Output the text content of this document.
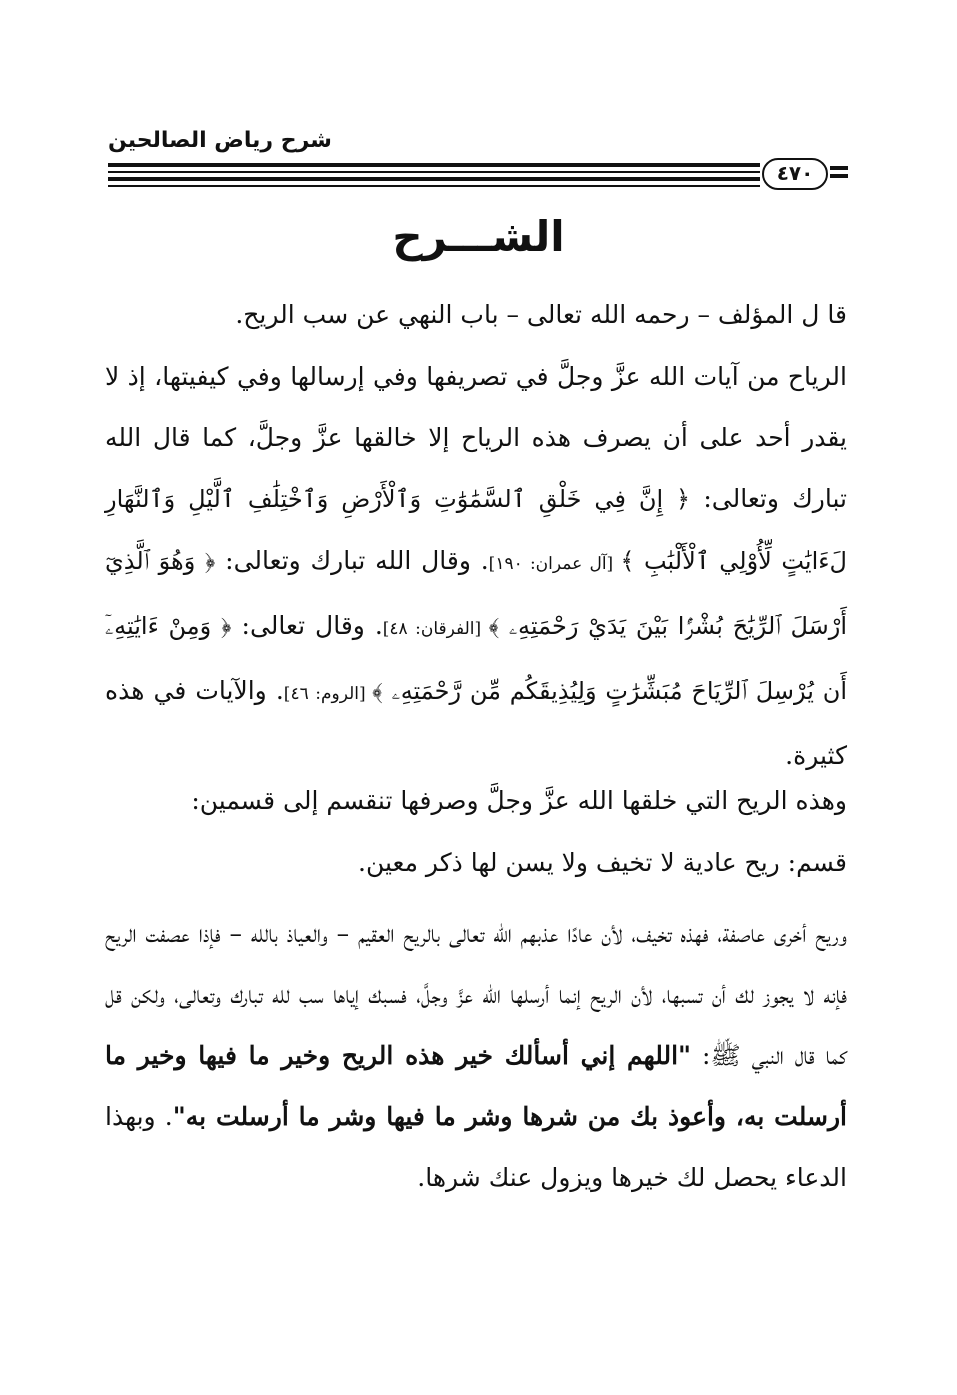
شرح رياض الصالحين
٤٧٠
الشـــرح

قا ل المؤلف – رحمه الله تعالى – باب النهي عن سب الريح.

الرياح من آيات الله عزَّ وجلَّ في تصريفها وفي إرسالها وفي كيفيتها، إذ لا يقدر أحد على أن يصرف هذه الرياح إلا خالقها عزَّ وجلَّ، كما قال الله تبارك وتعالى: ﴿ إِنَّ فِي خَلْقِ ٱلسَّمَٰوَٰتِ وَٱلْأَرْضِ وَٱخْتِلَٰفِ ٱلَّيْلِ وَٱلنَّهَارِ لَءَايَٰتٍ لِّأُوْلِي ٱلْأَلْبَٰبِ ﴾ [آل عمران: ١٩٠]. وقال الله تبارك وتعالى: ﴿ وَهُوَ ٱلَّذِيٓ أَرْسَلَ ٱلرِّيَٰحَ بُشْرًۢا بَيْنَ يَدَيْ رَحْمَتِهِۦ ﴾ [الفرقان: ٤٨]. وقال تعالى: ﴿ وَمِنْ ءَايَٰتِهِۦٓ أَن يُرْسِلَ ٱلرِّيَاحَ مُبَشِّرَٰتٍ وَلِيُذِيقَكُم مِّن رَّحْمَتِهِۦ ﴾ [الروم: ٤٦]. والآيات في هذه كثيرة.

وهذه الريح التي خلقها الله عزَّ وجلَّ وصرفها تنقسم إلى قسمين:

قسم: ريح عادية لا تخيف ولا يسن لها ذكر معين.

وريح أخرى عاصفة، فهذه تخيف، لأن عادًا عذبهم الله تعالى بالريح العقيم – والعياذ بالله – فإذا عصفت الريح فإنه لا يجوز لك أن تسبها، لأن الريح إنما أرسلها الله عزَّ وجلَّ، فسبك إياها سب لله تبارك وتعالى، ولكن قل كما قال النبي ﷺ: "اللهم إني أسألك خير هذه الريح وخير ما فيها وخير ما أرسلت به، وأعوذ بك من شرها وشر ما فيها وشر ما أرسلت به". وبهذا الدعاء يحصل لك خيرها ويزول عنك شرها.
